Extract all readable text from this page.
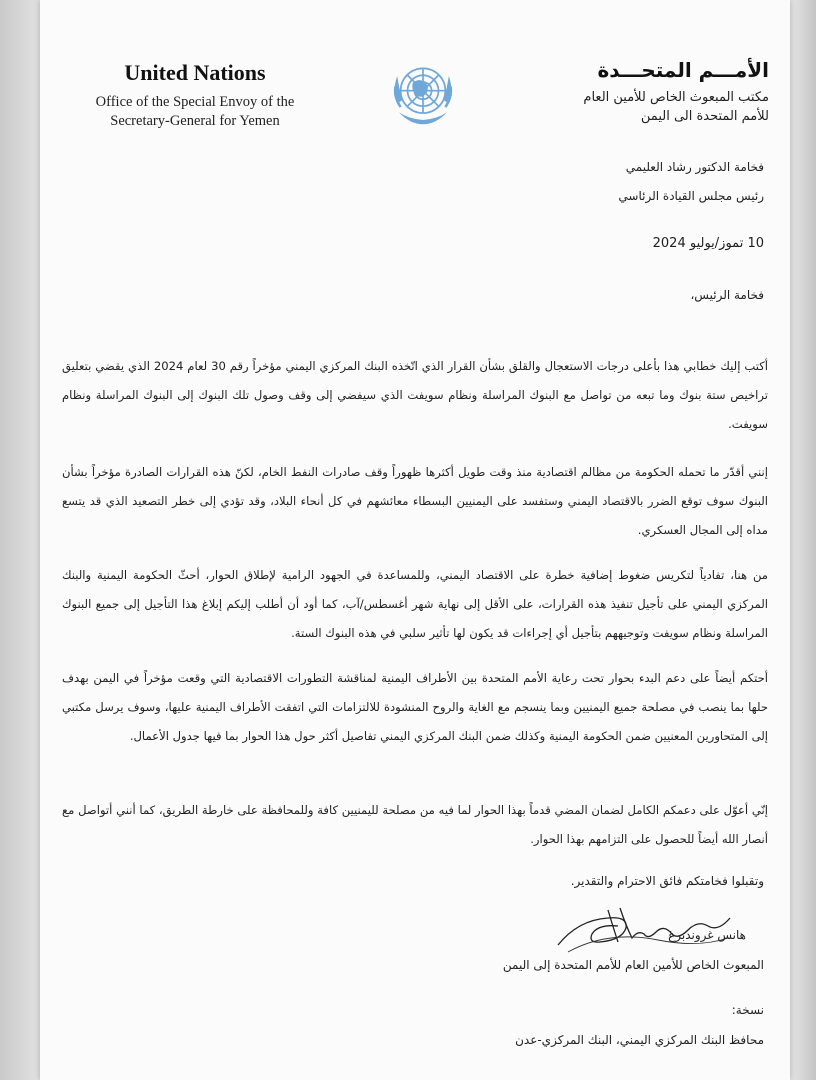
United Nations
Office of the Special Envoy of the
Secretary-General for Yemen
الأمـــم المتحـــدة
مكتب المبعوث الخاص للأمين العام
للأمم المتحدة الى اليمن
فخامة الدكتور رشاد العليمي
رئيس مجلس القيادة الرئاسي
10 تموز/يوليو 2024
فخامة الرئيس،
أكتب إليك خطابي هذا بأعلى درجات الاستعجال والقلق بشأن القرار الذي اتّخذه البنك المركزي اليمني مؤخراً رقم 30 لعام 2024 الذي يقضي بتعليق تراخيص ستة بنوك وما تبعه من تواصل مع البنوك المراسلة ونظام سويفت الذي سيفضي إلى وقف وصول تلك البنوك إلى البنوك المراسلة ونظام سويفت.
إنني أقدّر ما تحمله الحكومة من مظالم اقتصادية منذ وقت طويل أكثرها ظهوراً وقف صادرات النفط الخام، لكنّ هذه القرارات الصادرة مؤخراً بشأن البنوك سوف توقع الضرر بالاقتصاد اليمني وستفسد على اليمنيين البسطاء معائشهم في كل أنحاء البلاد، وقد تؤدي إلى خطر التصعيد الذي قد يتسع مداه إلى المجال العسكري.
من هنا، تفادياً لتكريس ضغوط إضافية خطرة على الاقتصاد اليمني، وللمساعدة في الجهود الرامية لإطلاق الحوار، أحثّ الحكومة اليمنية والبنك المركزي اليمني على تأجيل تنفيذ هذه القرارات، على الأقل إلى نهاية شهر أغسطس/آب، كما أود أن أطلب إليكم إبلاغ هذا التأجيل إلى جميع البنوك المراسلة ونظام سويفت وتوجيههم بتأجيل أي إجراءات قد يكون لها تأثير سلبي في هذه البنوك الستة.
أحتكم أيضاً على دعم البدء بحوار تحت رعاية الأمم المتحدة بين الأطراف اليمنية لمناقشة التطورات الاقتصادية التي وقعت مؤخراً في اليمن بهدف حلها بما ينصب في مصلحة جميع اليمنيين وبما ينسجم مع الغاية والروح المنشودة للالتزامات التي اتفقت الأطراف اليمنية عليها، وسوف يرسل مكتبي إلى المتحاورين المعنيين ضمن الحكومة اليمنية وكذلك ضمن البنك المركزي اليمني تفاصيل أكثر حول هذا الحوار بما فيها جدول الأعمال.
إنّي أعوّل على دعمكم الكامل لضمان المضي قدماً بهذا الحوار لما فيه من مصلحة لليمنيين كافة وللمحافظة على خارطة الطريق، كما أنني أتواصل مع أنصار الله أيضاً للحصول على التزامهم بهذا الحوار.
وتقبلوا فخامتكم فائق الاحترام والتقدير.
هانس غروندبرغ
المبعوث الخاص للأمين العام للأمم المتحدة إلى اليمن
نسخة:
محافظ البنك المركزي اليمني، البنك المركزي-عدن
